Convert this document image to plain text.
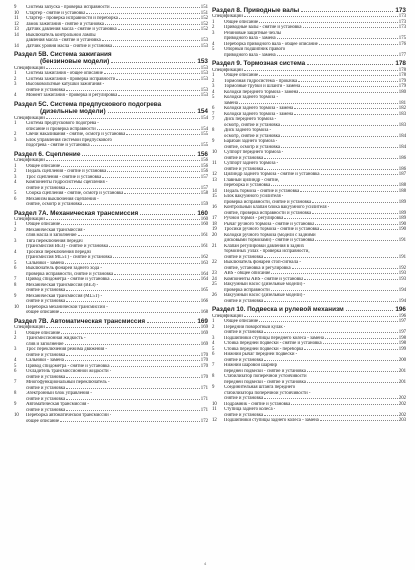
9	Система запуска - проверка исправности	151
10	Стартер - снятие и установка	151
11	Стартер - проверка исправности и переборка	152
12	Замок зажигания - снятие и установка	152
13	Датчик давления масла - снятие и установка	152
14	Выключатель контрольной лампы
давления масла - снятие и установка	153
14	Датчик уровня масла - снятие и установка	153
Раздел 5В. Система зажигания
(бензиновые модели)	153
Спецификации	153
1	Система зажигания - общее описание	153
2	Система зажигания - проверка исправности	153
3	Высоковольтные катушки зажигания -
снятие и установка	153
4	Момент зажигания - проверка и регулировка	153
Раздел 5С. Система предпускового подогрева
(дизельные модели)	154
Спецификации	154
1	Система предпускового подогрева -
описание и проверка исправности	154
2	Свечи накаливания - снятие, осмотр и установка	155
3	Блок управления системой предпускового
подогрева - снятие и установка	155
Раздел 6. Сцепление	156
Спецификации	156
1	Общее описание	156
2	Педаль сцепления - снятие и установка	156
3	Трос сцепления - снятие и установка	157
4	Компоненты гидросистемы сцепления -
снятие и установка	157
5	Сборка сцепления - снятие, осмотр и установка	158
6	Механизм выключения сцепления -
снятие, осмотр и установка	159
Раздел 7А. Механическая трансмиссия	160
Спецификации	160
1	Общее описание	160
2	Механическая трансмиссия -
слив масла и заполнение	161
3	Тяга переключения передач
(трансмиссия ВЕЗ) - снятие и установка	161
4	Тросики переключения передач
(трансмиссия ML5T) - снятие и установка	162
5	Сальники - замена	163
6	Выключатель фонарей заднего хода -
проверка исправности, снятие и установка	164
7	Привод спидометра - снятие и установка	164
8	Механическая трансмиссия (ВЕЗ) -
снятие и установка	165
9	Механическая трансмиссия (ML5T) -
снятие и установка	166
10	Переборка механической трансмиссии -
общее описание	168
Раздел 7В. Автоматическая трансмиссия	169
Спецификации	169
1	Общее описание	169
2	Трансмиссионная жидкость -
слив и заполнение	169
3	Трос переключения режима движения -
снятие и установка	170
4	Сальники - замена	170
5	Привод спидометра - снятие и установка	170
6	Охладитель трансмиссионной жидкости -
снятие и установка	170
7	Многофункциональный переключатель -
снятие и установка	171
8	Электронный блок управления -
снятие и установка	171
9	Автоматическая трансмиссия -
снятие и установка	171
10	Переборка автоматической трансмиссии -
общее описание	172
Раздел 8. Приводные валы	173
Спецификации	173
1	Общее описание	173
2	Приводные валы - снятие и установка	173
3	Резиновые защитные чехлы
приводного вала - замена	175
4	Переборка приводного вала - общее описание	176
5	Опорный подшипник правого
приводного вала - замена	177
Раздел 9. Тормозная система	178
Спецификации	178
1	Общее описание	178
2	Тормозная гидросистема - прокачка	179
3	Тормозные трубки и шланги - замена	179
4	Колодки переднего тормоза - замена	180
5	Колодки заднего тормоза -
замена	181
6	Колодки заднего тормоза - замена	182
7	Колодки заднего тормоза - замена	183
7	Диск переднего тормоза -
осмотр, снятие и установка	183
8	Диск заднего тормоза -
осмотр, снятие и установка	184
9	Барабан заднего тормоза -
снятие, осмотр и установка	184
10	Суппорт переднего тормоза -
снятие и установка	186
11	Суппорт заднего тормоза -
снятие и установка	186
12	Цилиндр заднего тормоза - снятие и установка	187
13	Главный цилиндр - снятие,
переборка и установка	188
14	Педаль тормоза - снятие и установка	188
15	Блок вакуумного усилителя -
проверка исправности, снятие и установка	189
16	Контрольный клапан блока вакуумного усилителя -
снятие, проверка исправности и установка	189
17	Ручной тормоз - регулировка	189
18	Рычаг ручного тормоза - снятие и установка	190
19	Тросики ручного тормоза - снятие и установка	190
20	Колодки ручного тормоза (модели с задними
дисковыми тормозами) - снятие и установка	191
21	Клапан регулировки давления в задних
тормозных узлах - проверка исправности,
снятие и установка	191
22	Выключатель фонарей стоп-сигнала -
снятие, установка и регулировка	192
23	ABS - общее описание	193
24	Компоненты ABS - снятие и установка	193
25	Вакуумный насос (дизельные модели) -
проверка исправности	194
26	Вакуумный насос (дизельные модели) -
снятие и установка	194
Раздел 10. Подвеска и рулевой механизм	196
Спецификации	196
1	Общее описание	197
2	Передний поворотный кулак -
снятие и установка	197
3	Подшипники ступицы переднего колеса - замена	198
4	Стойка передней подвески - снятие и установка	198
5	Стойка передней подвески - переборка	199
6	Нижний рычаг передней подвески -
снятие и установка	200
7	Нижний шаровой шарнир
передней подвески - снятие и установка	201
8	Стабилизатор поперечной устойчивости
передней подвески - снятие и установка	201
9	Соединительная штанга переднего
стабилизатора поперечной устойчивости -
снятие и установка	202
10	Подрамник - снятие и установка	202
11	Ступица заднего колеса -
снятие и установка	202
12	Подшипники ступицы заднего колеса - замена	203
4
